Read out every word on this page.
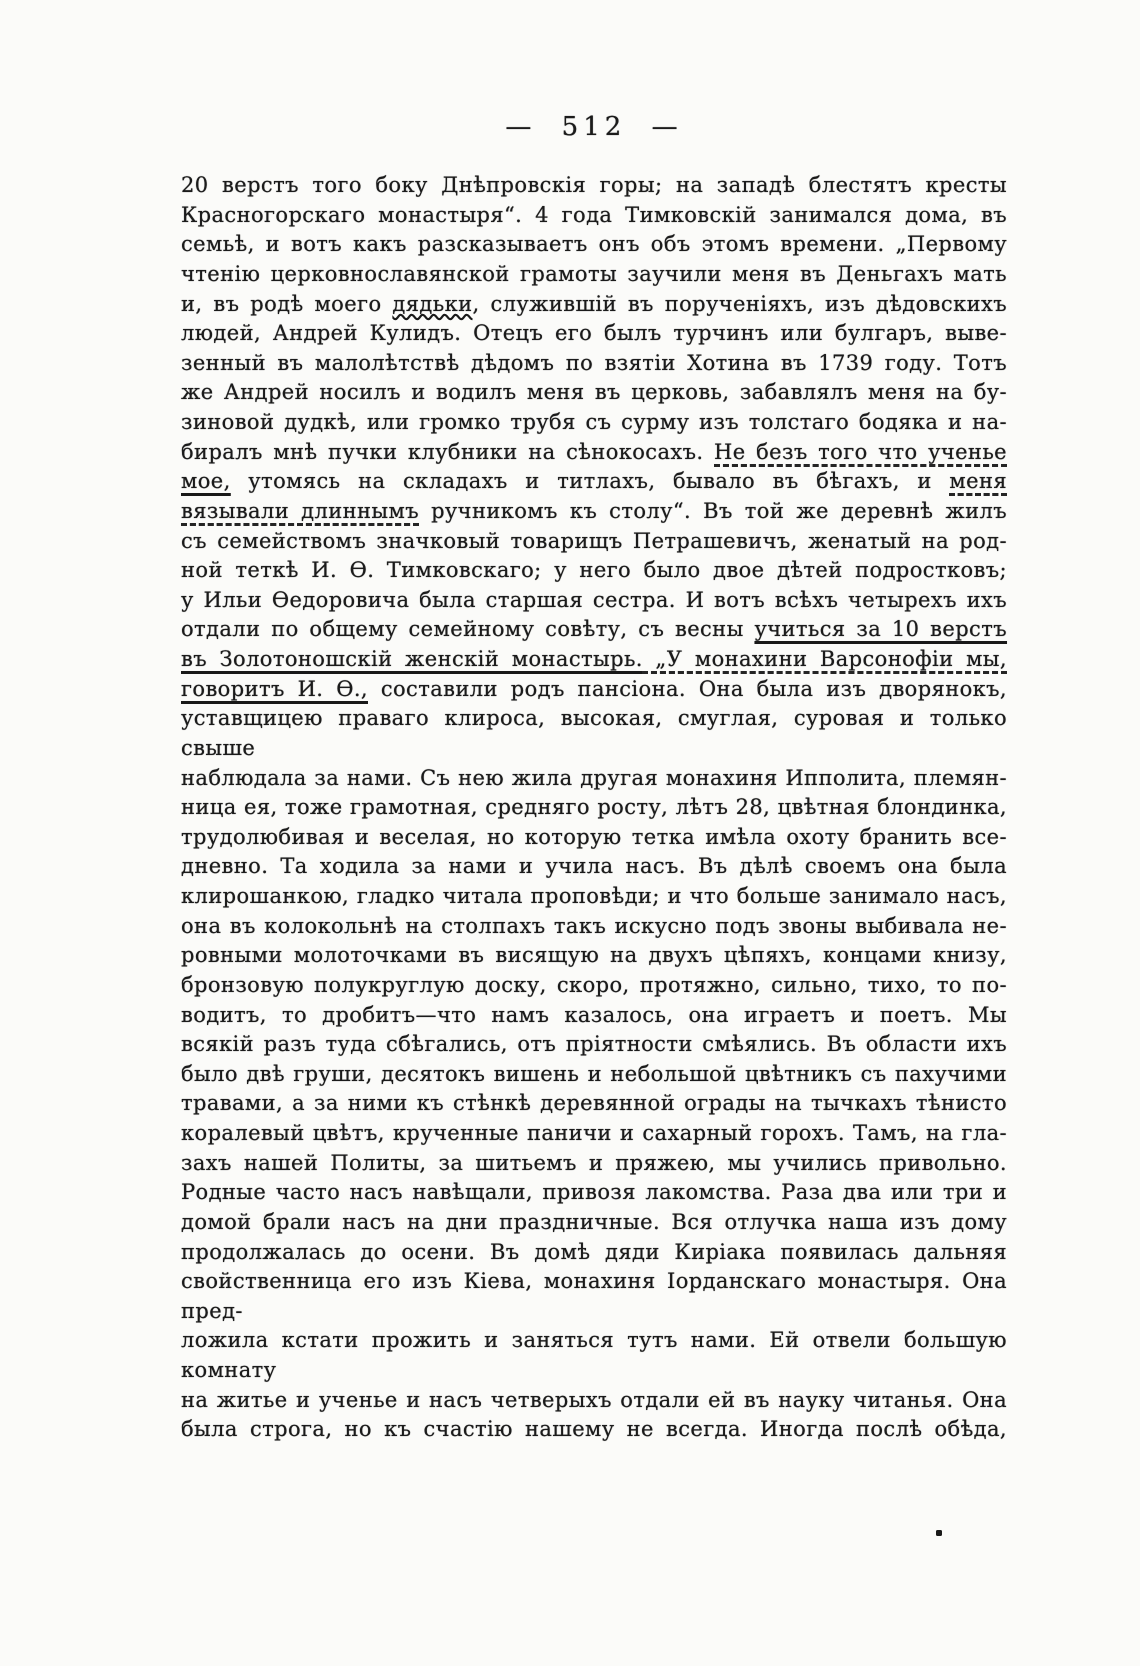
— 512 —
20 верстъ того боку Днѣпровскія горы; на западѣ блестятъ кресты
Красногорскаго монастыря“. 4 года Тимковскій занимался дома, въ
семьѣ, и вотъ какъ разсказываетъ онъ объ этомъ времени. „Первому
чтенію церковнославянской грамоты заучили меня въ Деньгахъ мать
и, въ родѣ моего дядьки, служившій въ порученіяхъ, изъ дѣдовскихъ
людей, Андрей Кулидъ. Отецъ его былъ турчинъ или булгаръ, выве-
зенный въ малолѣтствѣ дѣдомъ по взятіи Хотина въ 1739 году. Тотъ
же Андрей носилъ и водилъ меня въ церковь, забавлялъ меня на бу-
зиновой дудкѣ, или громко трубя съ сурму изъ толстаго бодяка и на-
биралъ мнѣ пучки клубники на сѣнокосахъ. Не безъ того что ученье
мое, утомясь на складахъ и титлахъ, бывало въ бѣгахъ, и меня
вязывали длиннымъ ручникомъ къ столу“. Въ той же деревнѣ жилъ
съ семействомъ значковый товарищъ Петрашевичъ, женатый на род-
ной теткѣ И. Ѳ. Тимковскаго; у него было двое дѣтей подростковъ;
у Ильи Ѳедоровича была старшая сестра. И вотъ всѣхъ четырехъ ихъ
отдали по общему семейному совѣту, съ весны учиться за 10 верстъ
въ Золотоношскій женскій монастырь. „У монахини Варсонофіи мы,
говоритъ И. Ѳ., составили родъ пансіона. Она была изъ дворянокъ,
уставщицею праваго клироса, высокая, смуглая, суровая и только свыше
наблюдала за нами. Съ нею жила другая монахиня Ипполита, племян-
ница ея, тоже грамотная, средняго росту, лѣтъ 28, цвѣтная блондинка,
трудолюбивая и веселая, но которую тетка имѣла охоту бранить все-
дневно. Та ходила за нами и учила насъ. Въ дѣлѣ своемъ она была
клирошанкою, гладко читала проповѣди; и что больше занимало насъ,
она въ колокольнѣ на столпахъ такъ искусно подъ звоны выбивала не-
ровными молоточками въ висящую на двухъ цѣпяхъ, концами книзу,
бронзовую полукруглую доску, скоро, протяжно, сильно, тихо, то по-
водитъ, то дробитъ—что намъ казалось, она играетъ и поетъ. Мы
всякій разъ туда сбѣгались, отъ пріятности смѣялись. Въ области ихъ
было двѣ груши, десятокъ вишень и небольшой цвѣтникъ съ пахучими
травами, а за ними къ стѣнкѣ деревянной ограды на тычкахъ тѣнисто
коралевый цвѣтъ, крученные паничи и сахарный горохъ. Тамъ, на гла-
захъ нашей Политы, за шитьемъ и пряжею, мы учились привольно.
Родные часто насъ навѣщали, привозя лакомства. Раза два или три и
домой брали насъ на дни праздничные. Вся отлучка наша изъ дому
продолжалась до осени. Въ домѣ дяди Киріака появилась дальняя
свойственница его изъ Кіева, монахиня Іорданскаго монастыря. Она пред-
ложила кстати прожить и заняться тутъ нами. Ей отвели большую комнату
на житье и ученье и насъ четверыхъ отдали ей въ науку читанья. Она
была строга, но къ счастію нашему не всегда. Иногда послѣ обѣда,
